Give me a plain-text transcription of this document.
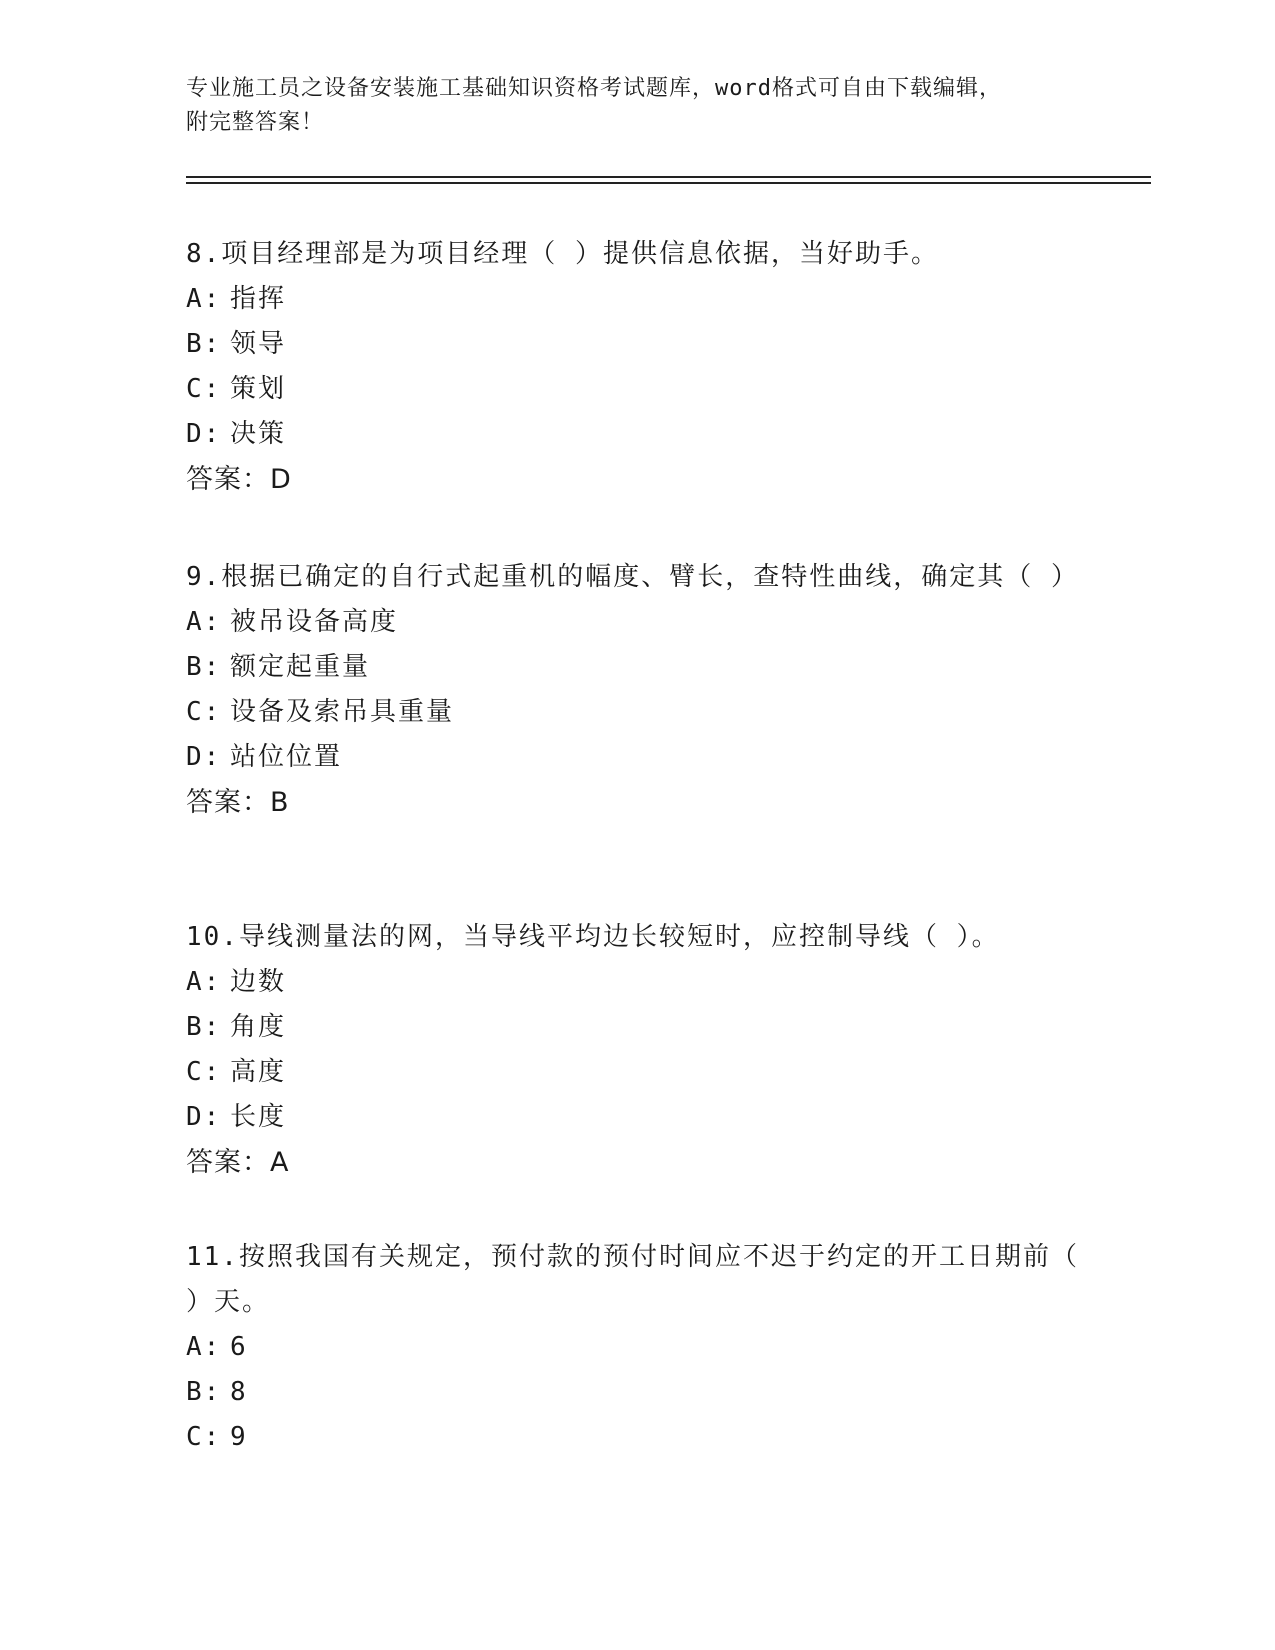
专业施工员之设备安装施工基础知识资格考试题库，word格式可自由下载编辑，
附完整答案！

8.项目经理部是为项目经理（ ）提供信息依据，当好助手。

A: 指挥

B: 领导

C: 策划

D: 决策

答案：D

9.根据已确定的自行式起重机的幅度、臂长，查特性曲线，确定其（ ）

A: 被吊设备高度

B: 额定起重量

C: 设备及索吊具重量

D: 站位位置

答案：B

10.导线测量法的网，当导线平均边长较短时，应控制导线（ ）。

A: 边数

B: 角度

C: 高度

D: 长度

答案：A

11.按照我国有关规定，预付款的预付时间应不迟于约定的开工日期前（ ）天。

A: 6

B: 8

C: 9
